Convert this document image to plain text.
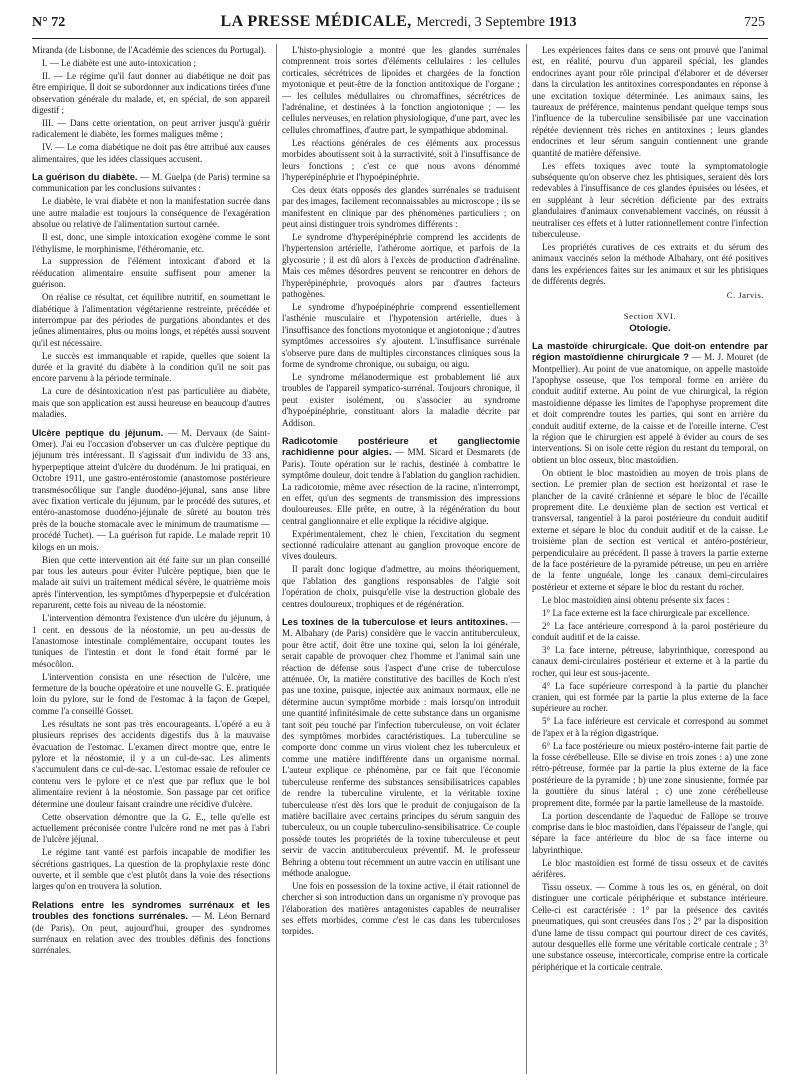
N° 72	LA PRESSE MÉDICALE, Mercredi, 3 Septembre 1913	725

Miranda (de Lisbonne, de l'Académie des sciences du Portugal).

I. — Le diabète est une auto-intoxication ;

II. — Le régime qu'il faut donner au diabétique ne doit pas être empirique. Il doit se subordonner aux indications tirées d'une observation générale du malade, et, en spécial, de son appareil digestif ;

III. — Dans cette orientation, on peut arriver jusqu'à guérir radicalement le diabète, les formes maligues même ;

IV. — Le coma diabétique ne doit pas être attribué aux causes alimentaires, que les idées classiques accusent.

La guérison du diabète. — M. Guelpa (de Paris) termine sa communication par les conclusions suivantes :

Le diabète, le vrai diabète et non la manifestation sucrée dans une autre maladie est toujours la conséquence de l'exagération absolue ou relative de l'alimentation surtout carnée.

Il est, donc, une simple intoxication exogène comme le sont l'éthylisme, le morphinisme, l'éthéromanie, etc.

La suppression de l'élément intoxicant d'abord et la rééducation alimentaire ensuite suffisent pour amener la guérison.

On réalise ce résultat, cet équilibre nutritif, en soumettant le diabétique à l'alimentation végétarienne restreinte, précédée et interrompue par des périodes de purgations abondantes et des jeûnes alimentaires, plus ou moins longs, et répétés aussi souvent qu'il est nécessaire.

Le succès est immanquable et rapide, quelles que soient la durée et la gravité du diabète à la condition qu'il ne soit pas encore parvenu à la période terminale.

La cure de désintoxication n'est pas particulière au diabète, mais que son application est aussi heureuse en beaucoup d'autres maladies.

Ulcère peptique du jéjunum. — M. Dervaux (de Saint-Omer). J'ai eu l'occasion d'observer un cas d'ulcère peptique du jéjunum très intéressant. Il s'agissait d'un individu de 33 ans, hyperpeptique atteint d'ulcère du duodénum. Je lui pratiquai, en Octobre 1911, une gastro-entérostomie (anastomose postérieure transmésocôlique sur l'angle duodéno-jéjunal, sans anse libre avec fixation verticale du jéjunum, par le procédé des sutures, et entéro-anastomose duodéno-jéjunale de sûreté au bouton très près de la bouche stomacale avec le minimum de traumatisme — procédé Tuchet). — La guérison fut rapide. Le malade reprit 10 kilogs en un mois.

Bien que cette intervention ait été faite sur un plan conseillé par tous les auteurs pour éviter l'ulcère peptique, bien que le malade ait suivi un traitement médical sévère, le quatrième mois après l'intervention, les symptômes d'hyperpepsie et d'ulcération reparurent, cette fois au niveau de la néostomie.

L'intervention démontra l'existence d'un ulcère du jéjunum, à 1 cent. en dessous de la néostomie, un peu au-dessus de l'anastomose intestinale complémentaire, occupant toutes les tuniques de l'intestin et dont le fond était formé par le mésocôlon.

L'intervention consista en une résection de l'ulcère, une fermeture de la bouche opératoire et une nouvelle G. E. pratiquée loin du pylore, sur le fond de l'estomac à la façon de Gœpel, comme l'a conseillé Gosset.

Les résultats ne sont pas très encourageants. L'opéré a eu à plusieurs reprises des accidents digestifs dus à la mauvaise évacuation de l'estomac. L'examen direct montre que, entre le pylore et la néostomie, il y a un cul-de-sac. Les aliments s'accumulent dans ce cul-de-sac. L'estomac essaie de refouler ce contenu vers le pylore et ce n'est que par reflux que le bol alimentaire revient à la néostomie. Son passage par cet orifice détermine une douleur faisant craindre une récidive d'ulcère.

Cette observation démontre que la G. E., telle qu'elle est actuellement préconisée contre l'ulcère rond ne met pas à l'abri de l'ulcère jéjunal.

Le régime tant vanté est parfois incapable de modifier les sécrétions gastriques. La question de la prophylaxie reste donc ouverte, et il semble que c'est plutôt dans la voie des résections larges qu'on en trouvera la solution.

Relations entre les syndromes surrénaux et les troubles des fonctions surrénales. — M. Léon Bernard (de Paris). On peut, aujourd'hui, grouper des syndromes surrénaux en relation avec des troubles définis des fonctions surrénales.

L'histo-physiologie a montré que les glandes surrénales comprennent trois sortes d'éléments cellulaires : les cellules corticales, sécrétrices de lipoïdes et chargées de la fonction myotonique et peut-être de la fonction antitoxique de l'organe ; — les cellules médullaires ou chromaffines, sécrétrices de l'adrénaline, et destinées à la fonction angiotonique ; — les cellules nerveuses, en relation physiologique, d'une part, avec les cellules chromaffines, d'autre part, le sympathique abdominal.

Les réactions générales de ces éléments aux processus morbides aboutissent soit à la surractivité, soit à l'insuffisance de leurs fonctions ; c'est ce que nous avons dénommé l'hyperépinéphrie et l'hypoépinéphrie.

Ces deux états opposés des glandes surrénales se traduisent par des images, facilement reconnaissables au microscope ; ils se manifestent en clinique par des phénomènes particuliers ; on peut ainsi distinguer trois syndromes différents :

Le syndrome d'hyperépinéphrie comprend les accidents de l'hypertension artérielle, l'athérome aortique, et parfois de la glycosurie ; il est dû alors à l'excès de production d'adrénaline. Mais ces mêmes désordres peuvent se rencontrer en dehors de l'hyperépinéphrie, provoqués alors par d'autres facteurs pathogènes.

Le syndrome d'hypoépinéphrie comprend essentiellement l'asthénie musculaire et l'hypotension artérielle, dues à l'insuffisance des fonctions myotonique et angiotonique ; d'autres symptômes accessoires s'y ajoutent. L'insuffisance surrénale s'observe pure dans de multiples circonstances cliniques sous la forme de syndrome chronique, ou subaigu, ou aigu.

Le syndrome mélanodermique est probablement lié aux troubles de l'appareil sympatico-surrénal. Toujours chronique, il peut exister isolément, ou s'associer au syndrome d'hypoépinéphrie, constituant alors la maladie décrite par Addison.

Radicotomie postérieure et gangliectomie rachidienne pour algies. — MM. Sicard et Desmarets (de Paris). Toute opération sur le rachis, destinée à combattre le symptôme douleur, doit tendre à l'ablation du ganglion rachidien. La radicotomie, même avec résection de la racine, n'interrompt, en effet, qu'un des segments de transmission des impressions douloureuses. Elle prête, en outre, à la régénération du bout central ganglionnaire et elle explique la récidive algique.

Expérimentalement, chez le chien, l'excitation du segment sectionné radiculaire attenant au ganglion provoque encore de vives douleurs.

Il paraît donc logique d'admettre, au moins théoriquement, que l'ablation des ganglions responsables de l'algie soit l'opération de choix, puisqu'elle vise la destruction globale des centres douloureux, trophiques et de régénération.

Les toxines de la tuberculose et leurs antitoxines. — M. Albahary (de Paris) considère que le vaccin antituberculeux, pour être actif, doit être une toxine qui, selon la loi générale, serait capable de provoquer chez l'homme et l'animal sain une réaction de défense sous l'aspect d'une crise de tuberculose atténuée. Or, la matière constitutive des bacilles de Koch n'est pas une toxine, puisque, injectée aux animaux normaux, elle ne détermine aucun symptôme morbide : mais lorsqu'on introduit une quantité infinitésimale de cette substance dans un organisme tant soit peu touché par l'infection tuberculeuse, on voit éclater des symptômes morbides caractéristiques. La tuberculine se comporte donc comme un virus violent chez les tuberculeux et comme une matière indifférente dans un organisme normal. L'auteur explique ce phénomène, par ce fait que l'économie tuberculeuse renferme des substances sensibilisatrices capables de rendre la tuberculine virulente, et la véritable toxine tuberculeuse n'est dès lors que le produit de conjugaison de la matière bacillaire avec certains principes du sérum sanguin des tuberculeux, ou un couple tuberculino-sensibilisatrice. Ce couple possède toutes les propriétés de la toxine tuberculeuse et peut servir de vaccin antituberculeux préventif. M. le professeur Behring a obtenu tout récemment un autre vaccin en utilisant une méthode analogue.

Une fois en possession de la toxine active, il était rationnel de chercher si son introduction dans un organisme n'y provoque pas l'élaboration des matières antagonistes capables de neutraliser ses effets morbides, comme c'est le cas dans les tuberculoses torpides.

Les expériences faites dans ce sens ont prouvé que l'animal est, en réalité, pourvu d'un appareil spécial, les glandes endocrines ayant pour rôle principal d'élaborer et de déverser dans la circulation les antitoxines correspondantes en réponse à une excitation toxique déterminée. Les animaux sains, les taureaux de préférence, maintenus pendant quelque temps sous l'influence de la tuberculine sensibilisée par une vaccination répétée deviennent très riches en antitoxines ; leurs glandes endocrines et leur sérum sanguin contiennent une grande quantité de matière défensive.

Les effets toxiques avec toute la symptomatologie subséquente qu'on observe chez les phtisiques, seraient dès lors redevables à l'insuffisance de ces glandes épuisées ou lésées, et en suppléant à leur sécrétion déficiente par des extraits glandulaires d'animaux convenablement vaccinés, on réussit à neutraliser ces effets et à lutter rationnellement contre l'infection tuberculeuse.

Les propriétés curatives de ces extraits et du sérum des animaux vaccinés selon la méthode Albahary, ont été positives dans les expériences faites sur les animaux et sur les phtisiques de différents degrés.

C. Jarvis.
Section XVI.
Otologie.

La mastoïde chirurgicale. Que doit-on entendre par région mastoïdienne chirurgicale ? — M. J. Mouret (de Montpellier). Au point de vue anatomique, on appelle mastoïde l'apophyse osseuse, que l'os temporal forme en arrière du conduit auditif externe. Au point de vue chirurgical, la région mastoïdienne dépasse les limites de l'apophyse proprement dite et doit comprendre toutes les parties, qui sont en arrière du conduit auditif externe, de la caisse et de l'oreille interne. C'est la région que le chirurgien est appelé à évider au cours de ses interventions. Si on isole cette région du restant du temporal, on obtient un bloc osseux, bloc mastoïdien.

On obtient le bloc mastoïdien au moyen de trois plans de section. Le premier plan de section est horizontal et rase le plancher de la cavité crânienne et sépare le bloc de l'écaille proprement dite. Le deuxième plan de section est vertical et transversal, tangentiel à la paroi postérieure du conduit auditif externe et sépare le bloc du conduit auditif et de la caisse. Le troisième plan de section est vertical et antéro-postérieur, perpendiculaire au précédent. Il passe à travers la partie externe de la face postérieure de la pyramide pétreuse, un peu en arrière de la fente unguéale, longe les canaux demi-circulaires postérieur et externe et sépare le bloc du restant du rocher.

Le bloc mastoïdien ainsi obtenu présente six faces :

1° La face externe est la face chirurgicale par excellence.

2° La face antérieure correspond à la paroi postérieure du conduit auditif et de la caisse.

3° La face interne, pétreuse, labyrinthique, correspond au canaux demi-circulaires postérieur et externe et à la partie du rocher, qui leur est sous-jacente.

4° La face supérieure correspond à la partie du plancher cranien, qui est formée par la partie la plus externe de la face supérieure au rocher.

5° La face inférieure est cervicale et correspond au sommet de l'apex et à la région digastrique.

6° La face postérieure ou mieux postéro-interne fait partie de la fosse cérébelleuse. Elle se divise en trois zones : a) une zone rétro-pétreuse, formée par la partie la plus externe de la face postérieure de la pyramide ; b) une zone sinusienne, formée par la gouttière du sinus latéral ; c) une zone cérébelleuse proprement dite, formée par la partie lamelleuse de la mastoïde.

La portion descendante de l'aqueduc de Fallope se trouve comprise dans le bloc mastoïdien, dans l'épaisseur de l'angle, qui sépare la face antérieure du bloc de sa face interne ou labyrinthique.

Le bloc mastoïdien est formé de tissu osseux et de cavités aérifères.

Tissu osseux. — Comme à tous les os, en général, on doit distinguer une corticale périphérique et substance intérieure. Celle-ci est caractérisée : 1° par la présence des cavités pneumatiques, qui sont creusées dans l'os ; 2° par la disposition d'une lame de tissu compact qui pourtour direct de ces cavités, autour desquelles elle forme une véritable corticale centrale ; 3° une substance osseuse, intercorticale, comprise entre la corticale périphérique et la corticale centrale.
